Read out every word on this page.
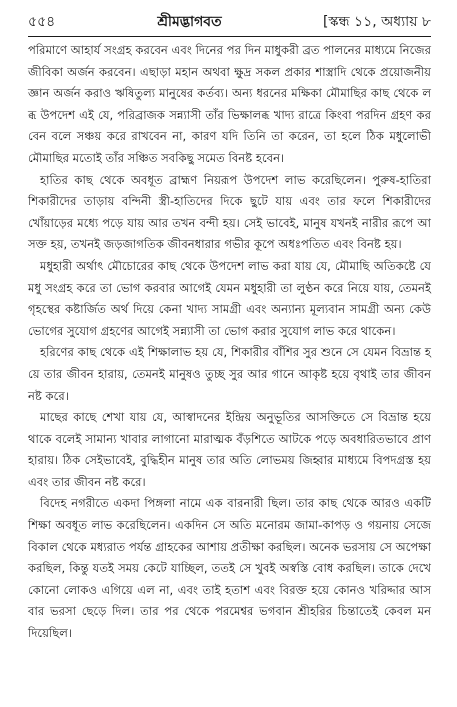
৫৫৪	শ্রীমদ্ভাগবত	[স্কন্ধ ১১, অধ্যায় ৮

পরিমাণে আহার্য সংগ্রহ করবেন এবং দিনের পর দিন মাধুকরী ব্রত পালনের মাধ্যমে নিজের জীবিকা অর্জন করবেন। এছাড়া মহান অথবা ক্ষুদ্র সকল প্রকার শাস্ত্রাদি থেকে প্রয়োজনীয় জ্ঞান অর্জন করাও ঋষিতুল্য মানুষের কর্তব্য। অন্য ধরনের মক্ষিকা মৌমাছির কাছ থেকে লব্ধ উপদেশ এই যে, পরিব্রাজক সন্ন্যাসী তাঁর ভিক্ষালব্ধ খাদ্য রাত্রে কিংবা পরদিন গ্রহণ করবেন বলে সঞ্চয় করে রাখবেন না, কারণ যদি তিনি তা করেন, তা হলে ঠিক মধুলোভী মৌমাছির মতোই তাঁর সঞ্চিত সবকিছু সমেত বিনষ্ট হবেন।

হাতির কাছ থেকে অবধূত ব্রাহ্মণ নিয়রূপ উপদেশ লাভ করেছিলেন। পুরুষ-হাতিরা শিকারীদের তাড়ায় বন্দিনী স্ত্রী-হাতিদের দিকে ছুটে যায় এবং তার ফলে শিকারীদের খোঁয়াড়ের মধ্যে পড়ে যায় আর তখন বন্দী হয়। সেই ভাবেই, মানুষ যখনই নারীর রূপে আসক্ত হয়, তখনই জড়জাগতিক জীবনধারার গভীর কূপে অধঃপতিত এবং বিনষ্ট হয়।

মধুহারী অর্থাৎ মৌচোরের কাছ থেকে উপদেশ লাভ করা যায় যে, মৌমাছি অতিকষ্টে যে মধু সংগ্রহ করে তা ভোগ করবার আগেই যেমন মধুহারী তা লুণ্ঠন করে নিয়ে যায়, তেমনই গৃহস্থের কষ্টার্জিত অর্থ দিয়ে কেনা খাদ্য সামগ্রী এবং অন্যান্য মূল্যবান সামগ্রী অন্য কেউ ভোগের সুযোগ গ্রহণের আগেই সন্ন্যাসী তা ভোগ করার সুযোগ লাভ করে থাকেন।

হরিণের কাছ থেকে এই শিক্ষালাভ হয় যে, শিকারীর বাঁশির সুর শুনে সে যেমন বিভ্রান্ত হয়ে তার জীবন হারায়, তেমনই মানুষও তুচ্ছ সুর আর গানে আকৃষ্ট হয়ে বৃথাই তার জীবন নষ্ট করে।

মাছের কাছে শেখা যায় যে, আস্বাদনের ইন্দ্রিয় অনুভূতির আসক্তিতে সে বিভ্রান্ত হয়ে থাকে বলেই সামান্য খাবার লাগানো মারাত্মক বঁড়শিতে আটকে পড়ে অবধারিতভাবে প্রাণ হারায়। ঠিক সেইভাবেই, বুদ্ধিহীন মানুষ তার অতি লোভময় জিহ্বার মাধ্যমে বিপদগ্রস্ত হয় এবং তার জীবন নষ্ট করে।

বিদেহ নগরীতে একদা পিঙ্গলা নামে এক বারনারী ছিল। তার কাছ থেকে আরও একটি শিক্ষা অবধূত লাভ করেছিলেন। একদিন সে অতি মনোরম জামা-কাপড় ও গয়নায় সেজে বিকাল থেকে মধ্যরাত পর্যন্ত গ্রাহকের আশায় প্রতীক্ষা করছিল। অনেক ভরসায় সে অপেক্ষা করছিল, কিন্তু যতই সময় কেটে যাচ্ছিল, ততই সে খুবই অস্বস্তি বোধ করছিল। তাকে দেখে কোনো লোকও এগিয়ে এল না, এবং তাই হতাশ এবং বিরক্ত হয়ে কোনও খরিদ্দার আসবার ভরসা ছেড়ে দিল। তার পর থেকে পরমেশ্বর ভগবান শ্রীহরির চিন্তাতেই কেবল মন দিয়েছিল।
